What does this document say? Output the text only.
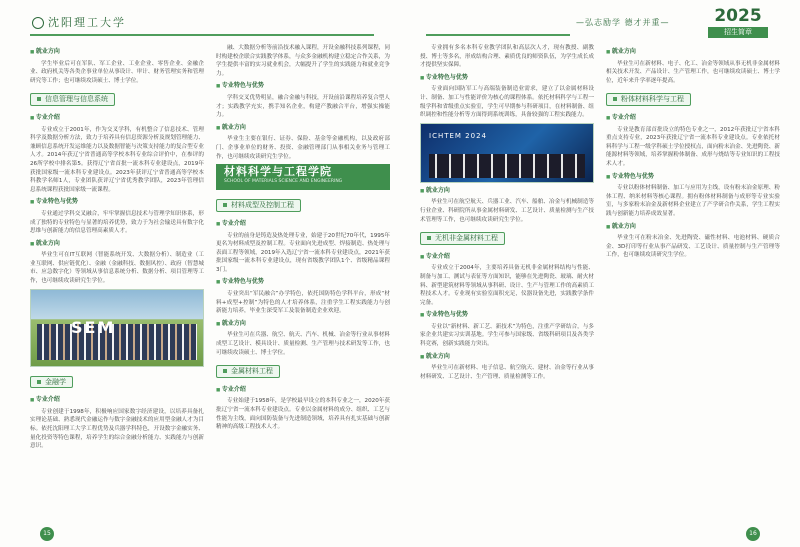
沈阳理工大学	—弘志励学 德才并重—	2025
招生简章
■ 就业方向

学生毕业后可在军队、军工企业、工业企业、零售企业、金融企业、政府机关等各类企事业单位从事设计、审计、财务管理实务和管理研究等工作；也可继续攻读硕士、博士学位。

信息管理与信息系统
■ 专业介绍

专业成立于2001年，作为交叉学科，有机整合了信息技术、管理科学及数据分析方法，致力于培养具有信息资源分析及规划管理能力、兼顾信息系统开发运维能力以及数据智能与决策支持能力的复合型专业人才。2014年获辽宁省普通高等学校本科专业综合评价中，在参评的26所学校中排名第5。获得辽宁省首批一流本科专业建设点，2019年获批国家级一流本科专业建设点。2023年获评辽宁省普通高等学校本科教学名师1人，专业团队获评辽宁省优秀教学团队，2023年管理信息系统课程获批国家级一流课程。

■ 专业特色与优势

专业通过学科交叉融合，牢牢掌握信息技术与管理学知识体系，形成了独特的专业特色与显著的培养优势，致力于为社会输送具有数字化思维与创新能力的信息管理高素质人才。

■ 就业方向

毕业生可在IT互联网（智能系统开发、大数据分析）、制造业（工业互联网、供应链优化）、金融（金融科技、数据风控）、政府（智慧城市、应急数字化）等领域从事信息系统分析、数据分析、项目管理等工作，也可继续攻读研究生学位。

SEM
金融学
■ 专业介绍

专业创建于1998年，积极响应国家数字经济建设，以培养具备扎实理论基础、熟悉现代金融运作与数字金融技术的应用型金融人才为目标。依托沈阳理工大学工程优势及兵器学科特色，开设数字金融实务、量化投资等特色课程，培养学生的综合金融分析能力、实践能力与创新意识。

融、大数据分析等前沿技术融入课程，开设金融科技系列课程，同时构建校企联合实践教学体系，与众多金融机构建立稳定合作关系，为学生提供丰富的实习就业机会，大幅提升了学生的实践能力和就业竞争力。

■ 专业特色与优势

学科交叉优势明显，融合金融与科技，开设前沿课程培养复合型人才；实践教学充实，携手知名企业，构建产教融合平台，增强实操能力。

■ 就业方向

毕业生主要在银行、证券、保险、基金等金融机构，以及政府部门、企事业单位的财务、投资、金融管理部门从事相关业务与管理工作，也可继续攻读研究生学位。

材料科学与工程学院
SCHOOL OF MATERIALS SCIENCE AND ENGINEERING
材料成型及控制工程
■ 专业介绍

专业的前身是铸造及热处理专业，始建于20世纪70年代，1995年更名为材料成型及控制工程。专业面向先进成型、焊接制造、热处理与表面工程等领域，2019年入选辽宁省一流本科专业建设点，2021年获批国家级一流本科专业建设点，现有省级教学团队1个、省级精品课程3门。

■ 专业特色与优势

专业突出“军民融合”办学特色，依托国防特色学科平台，形成“材料+成型+控制”为特色的人才培养体系，注重学生工程实践能力与创新能力培养，毕业生深受军工及装备制造企业欢迎。

■ 就业方向

毕业生可在兵器、航空、航天、汽车、机械、冶金等行业从事材料成型工艺设计、模具设计、质量检测、生产管理与技术研发等工作，也可继续攻读硕士、博士学位。

金属材料工程
■ 专业介绍

专业始建于1958年，是学校最早设立的本科专业之一，2020年获批辽宁省一流本科专业建设点。专业以金属材料的成分、组织、工艺与性能为主线，面向国防装备与先进制造领域，培养具有扎实基础与创新精神的高级工程技术人才。

专业拥有多名本科专业教学团队和高层次人才，现有教授、副教授、博士等多名，形成结构合理、素质优良的师资队伍，为学生成长成才提供坚实保障。

■ 专业特色与优势

专业面向国防军工与高端装备制造业需求，建立了以金属材料设计、制备、加工与性能评价为核心的课程体系。依托材料科学与工程一级学科和省级重点实验室，学生可早期参与科研项目，在材料制备、组织调控和性能分析等方面得到系统训练，具备较强的工程实践能力。

ICHTEM 2024
■ 就业方向

毕业生可在航空航天、兵器工业、汽车、船舶、冶金与机械制造等行业企业、科研院所从事金属材料研发、工艺设计、质量检测与生产技术管理等工作，也可继续攻读研究生学位。

无机非金属材料工程
■ 专业介绍

专业成立于2004年，主要培养具备无机非金属材料结构与性能、制备与加工、测试与表征等方面知识，能够在先进陶瓷、玻璃、耐火材料、新型建筑材料等领域从事科研、设计、生产与管理工作的高素质工程技术人才。专业现有实验室面积充足，仪器设备先进，实践教学条件完备。

■ 专业特色与优势

专业以“新材料、新工艺、新技术”为特色，注重产学研结合，与多家企业共建实习实训基地。学生可参与国家级、省级科研项目及各类学科竞赛，创新实践能力突出。

■ 就业方向

毕业生可在新材料、电子信息、航空航天、建材、冶金等行业从事材料研发、工艺设计、生产管理、质量检测等工作。

■ 就业方向

毕业生可在新材料、电子、化工、冶金等领域从事无机非金属材料相关技术开发、产品设计、生产管理工作，也可继续攻读硕士、博士学位，近年来升学率逐年提高。

粉体材料科学与工程
■ 专业介绍

专业是教育部首批设立的特色专业之一，2012年获批辽宁省本科重点支持专业，2023年获批辽宁省一流本科专业建设点。专业依托材料科学与工程一级学科硕士学位授权点，面向粉末冶金、先进陶瓷、新能源材料等领域，培养掌握粉体制备、成形与烧结等专业知识的工程技术人才。

■ 专业特色与优势

专业以粉体材料制备、加工与应用为主线，设有粉末冶金原理、粉体工程、纳米材料等核心课程。拥有粉体材料制备与成形等专业实验室，与多家粉末冶金及新材料企业建立了产学研合作关系，学生工程实践与创新能力培养成效显著。

■ 就业方向

毕业生可在粉末冶金、先进陶瓷、磁性材料、电池材料、硬质合金、3D打印等行业从事产品研发、工艺设计、质量控制与生产管理等工作，也可继续攻读研究生学位。

15	16
